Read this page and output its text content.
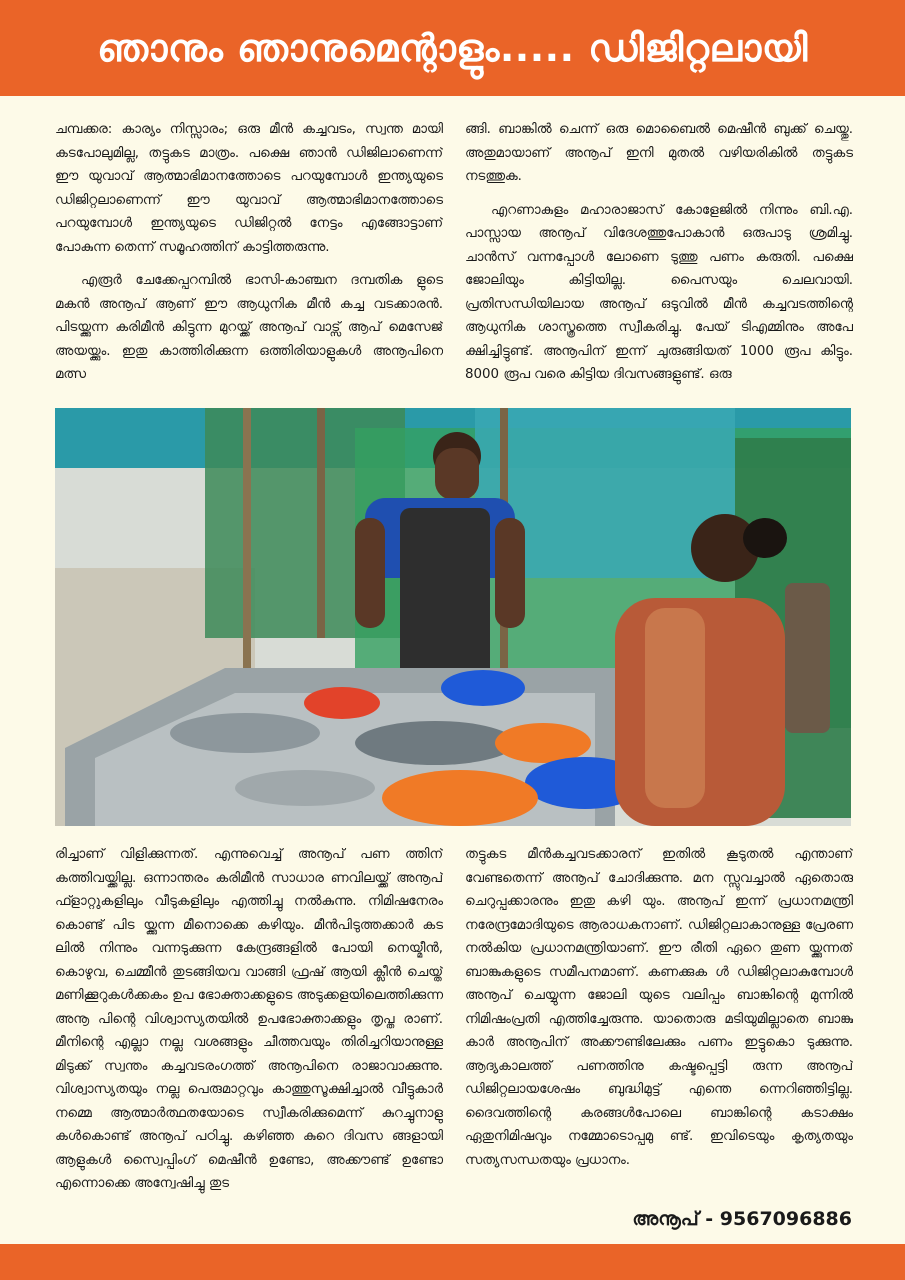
ഞാനും ഞാനുമെന്റാളും..... ഡിജിറ്റലായി

ചമ്പക്കര: കാര്യം നിസ്സാരം; ഒരു മീൻ കച്ചവടം, സ്വന്ത മായി കടപോലുമില്ല, തട്ടുകട മാത്രം. പക്ഷെ ഞാൻ ഡിജിലാണെന്ന് ഈ യുവാവ് ആത്മാഭിമാനത്തോടെ പറയുമ്പോൾ ഇന്ത്യയുടെ ഡിജിറ്റലാണെന്ന് ഈ യുവാവ് ആത്മാഭിമാനത്തോടെ പറയുമ്പോൾ ഇന്ത്യയുടെ ഡിജിറ്റൽ നേട്ടം എങ്ങോട്ടാണ് പോകുന്ന തെന്ന് സമൂഹത്തിന് കാട്ടിത്തരുന്നു.

എരൂർ ചേക്കേപ്പറമ്പിൽ ഭാസി-കാഞ്ചന ദമ്പതിക ളുടെ മകൻ അനൂപ് ആണ് ഈ ആധുനിക മീൻ കച്ച വടക്കാരൻ. പിടയ്ക്കുന്ന കരിമീൻ കിട്ടുന്ന മുറയ്ക്ക് അനൂപ് വാട്സ് ആപ് മെസേജ് അയയ്ക്കും. ഇതു കാത്തിരിക്കുന്ന ഒത്തിരിയാളുകൾ അനൂപിനെ മത്സ

ങ്ങി. ബാങ്കിൽ ചെന്ന് ഒരു മൊബൈൽ മെഷീൻ ബുക്ക് ചെയ്തു. അതുമായാണ് അനൂപ് ഇനി മുതൽ വഴിയരികിൽ തട്ടുകട നടത്തുക.

എറണാകുളം മഹാരാജാസ് കോളേജിൽ നിന്നും ബി.എ. പാസ്സായ അനൂപ് വിദേശത്തുപോകാൻ ഒരുപാടു ശ്രമിച്ചു. ചാൻസ് വന്നപ്പോൾ ലോണെ ടുത്തു പണം കരുതി. പക്ഷെ ജോലിയും കിട്ടിയില്ല. പൈസയും ചെലവായി. പ്രതിസന്ധിയിലായ അനൂപ് ഒടുവിൽ മീൻ കച്ചവടത്തിന്റെ ആധുനിക ശാസ്ത്രത്തെ സ്വീകരിച്ചു. പേയ് ടിഎമ്മിനും അപേ ക്ഷിച്ചിട്ടുണ്ട്. അനൂപിന് ഇന്ന് ചുരുങ്ങിയത് 1000 രൂപ കിട്ടും. 8000 രൂപ വരെ കിട്ടിയ ദിവസങ്ങളുണ്ട്. ഒരു

രിച്ചാണ് വിളിക്കുന്നത്. എന്നുവെച്ച് അനൂപ് പണ ത്തിന് കത്തിവയ്ക്കില്ല. ഒന്നാന്തരം കരിമീൻ സാധാര ണവിലയ്ക്ക് അനൂപ് ഫ്ളാറ്റുകളിലും വീടുകളിലും എത്തിച്ചു നൽകുന്നു. നിമിഷനേരം കൊണ്ട് പിട യ്ക്കുന്ന മീനൊക്കെ കഴിയും. മീൻപിടുത്തക്കാർ കട ലിൽ നിന്നും വന്നടുക്കുന്ന കേന്ദ്രങ്ങളിൽ പോയി നെയ്മീൻ, കൊഴുവ, ചെമ്മീൻ തുടങ്ങിയവ വാങ്ങി ഫ്രഷ് ആയി ക്ലീൻ ചെയ്ത് മണിക്കൂറുകൾക്കകം ഉപ ഭോക്താക്കളുടെ അടുക്കളയിലെത്തിക്കുന്ന അനൂ പിന്റെ വിശ്വാസ്യതയിൽ ഉപഭോക്താക്കളും തൃപ്ത രാണ്. മീനിന്റെ എല്ലാ നല്ല വശങ്ങളും ചീത്തവയും തിരിച്ചറിയാനുള്ള മിടുക്ക് സ്വന്തം കച്ചവടരംഗത്ത് അനൂപിനെ രാജാവാക്കുന്നു. വിശ്വാസ്യതയും നല്ല പെരുമാറ്റവും കാത്തുസൂക്ഷിച്ചാൽ വീട്ടുകാർ നമ്മെ ആത്മാർത്ഥതയോടെ സ്വീകരിക്കുമെന്ന് കുറച്ചുനാളു കൾകൊണ്ട് അനൂപ് പഠിച്ചു. കഴിഞ്ഞ കുറെ ദിവസ ങ്ങളായി ആളുകൾ സ്വൈപ്പിംഗ് മെഷീൻ ഉണ്ടോ, അക്കൗണ്ട് ഉണ്ടോ എന്നൊക്കെ അന്വേഷിച്ചു തുട

തട്ടുകട മീൻകച്ചവടക്കാരന് ഇതിൽ കൂടുതൽ എന്താണ് വേണ്ടതെന്ന് അനൂപ് ചോദിക്കുന്നു. മന സ്സുവച്ചാൽ ഏതൊരു ചെറുപ്പക്കാരനും ഇതു കഴി യും. അനൂപ് ഇന്ന് പ്രധാനമന്ത്രി നരേന്ദ്രമോദിയുടെ ആരാധകനാണ്. ഡിജിറ്റലാകാനുള്ള പ്രേരണ നൽകിയ പ്രധാനമന്ത്രിയാണ്. ഈ രീതി ഏറെ തുണ യ്ക്കുന്നത് ബാങ്കുകളുടെ സമീപനമാണ്. കണക്കുക ൾ ഡിജിറ്റലാകുമ്പോൾ അനൂപ് ചെയ്യുന്ന ജോലി യുടെ വലിപ്പം ബാങ്കിന്റെ മുന്നിൽ നിമിഷംപ്രതി എത്തിച്ചേരുന്നു. യാതൊരു മടിയുമില്ലാതെ ബാങ്കു കാർ അനൂപിന് അക്കൗണ്ടിലേക്കും പണം ഇട്ടുകൊ ടുക്കുന്നു. ആദ്യകാലത്ത് പണത്തിനു കഷ്ടപ്പെട്ടി രുന്ന അനൂപ് ഡിജിറ്റലായശേഷം ബുദ്ധിമുട്ട് എന്തെ ന്നെറിഞ്ഞിട്ടില്ല. ദൈവത്തിന്റെ കരങ്ങൾപോലെ ബാങ്കിന്റെ കടാക്ഷം ഏതുനിമിഷവും നമ്മോടൊപ്പമു ണ്ട്. ഇവിടെയും കൃത്യതയും സത്യസന്ധതയും പ്രധാനം.

അനൂപ് - 9567096886
